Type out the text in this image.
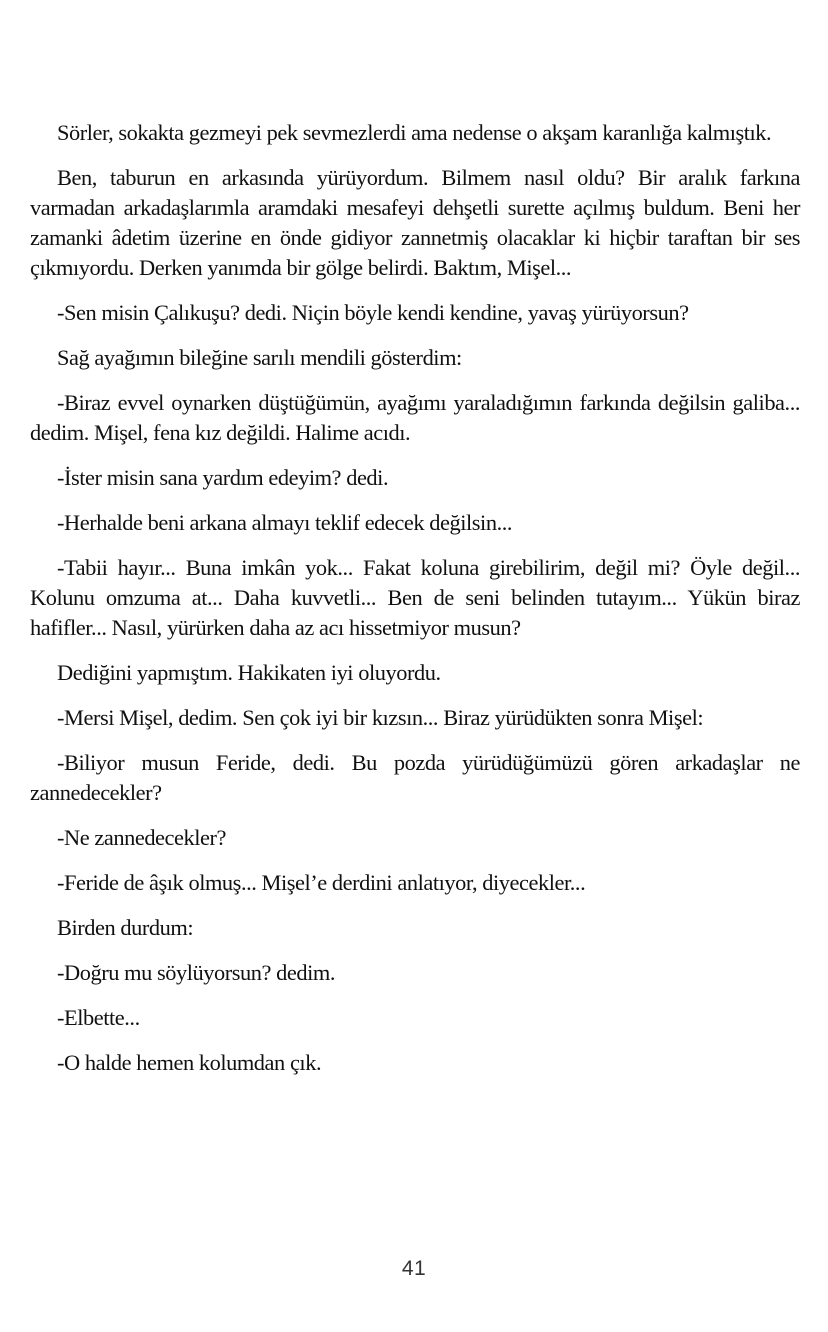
Sörler, sokakta gezmeyi pek sevmezlerdi ama nedense o akşam karanlığa kalmıştık.

Ben, taburun en arkasında yürüyordum. Bilmem nasıl oldu? Bir aralık farkına varmadan arkadaşlarımla aramdaki mesafeyi dehşetli surette açılmış buldum. Beni her zamanki âdetim üzerine en önde gidiyor zannetmiş olacaklar ki hiçbir taraftan bir ses çıkmıyordu. Derken yanımda bir gölge belirdi. Baktım, Mişel...

-Sen misin Çalıkuşu? dedi. Niçin böyle kendi kendine, yavaş yürüyorsun?

Sağ ayağımın bileğine sarılı mendili gösterdim:

-Biraz evvel oynarken düştüğümün, ayağımı yaraladığımın farkında değilsin galiba... dedim. Mişel, fena kız değildi. Halime acıdı.

-İster misin sana yardım edeyim? dedi.

-Herhalde beni arkana almayı teklif edecek değilsin...

-Tabii hayır... Buna imkân yok... Fakat koluna girebilirim, değil mi? Öyle değil... Kolunu omzuma at... Daha kuvvetli... Ben de seni belinden tutayım... Yükün biraz hafifler... Nasıl, yürürken daha az acı hissetmiyor musun?

Dediğini yapmıştım. Hakikaten iyi oluyordu.

-Mersi Mişel, dedim. Sen çok iyi bir kızsın... Biraz yürüdükten sonra Mişel:

-Biliyor musun Feride, dedi. Bu pozda yürüdüğümüzü gören arkadaşlar ne zannedecekler?

-Ne zannedecekler?

-Feride de âşık olmuş... Mişel’e derdini anlatıyor, diyecekler...

Birden durdum:

-Doğru mu söylüyorsun? dedim.

-Elbette...

-O halde hemen kolumdan çık.

41
